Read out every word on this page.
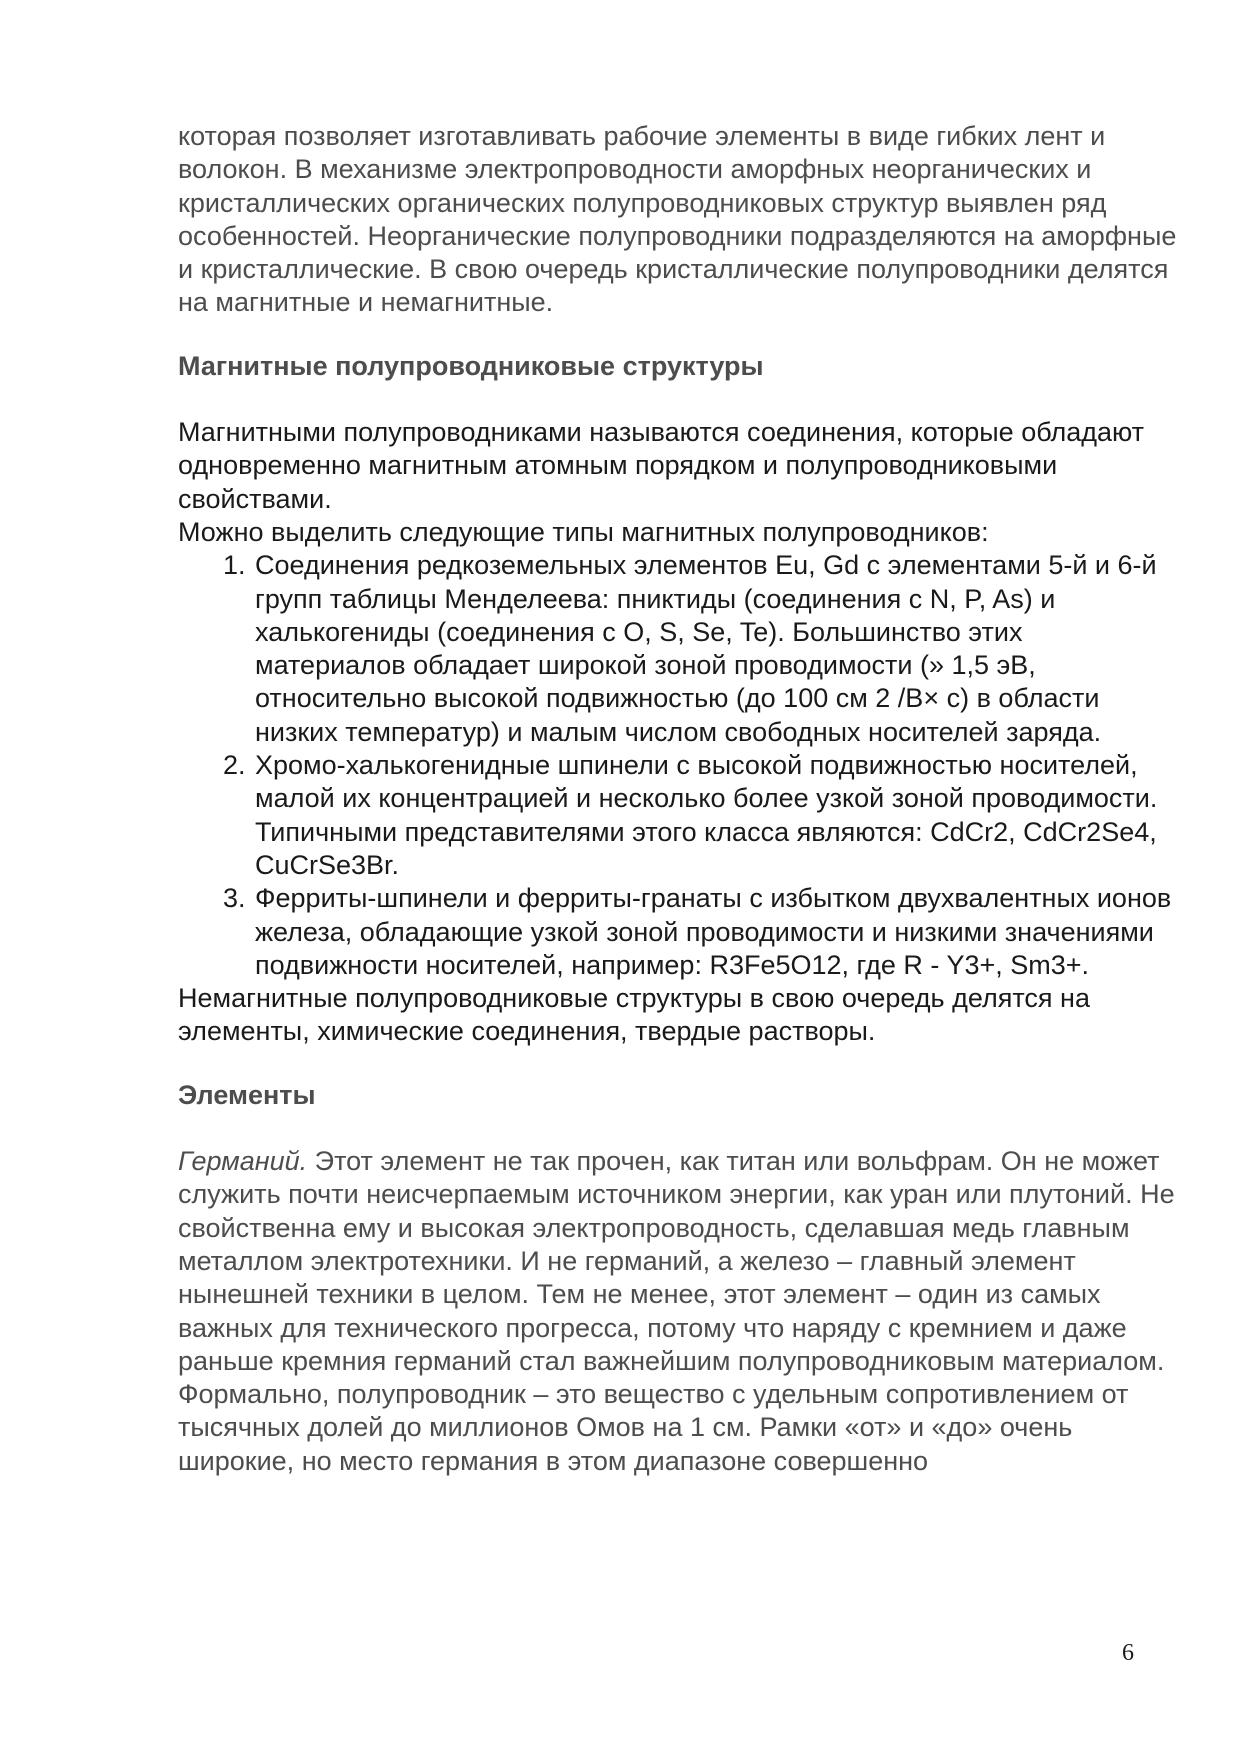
которая позволяет изготавливать рабочие элементы в виде гибких лент и волокон. В механизме электропроводности аморфных неорганических и кристаллических органических полупроводниковых структур выявлен ряд особенностей. Неорганические полупроводники подразделяются на аморфные и кристаллические. В свою очередь кристаллические полупроводники делятся на магнитные и немагнитные.

Магнитные полупроводниковые структуры

Магнитными полупроводниками называются соединения, которые обладают одновременно магнитным атомным порядком и полупроводниковыми свойствами.

Можно выделить следующие типы магнитных полупроводников:

1. Соединения редкоземельных элементов Eu, Gd с элементами 5-й и 6-й групп таблицы Менделеева: пниктиды (соединения с N, P, As) и халькогениды (соединения с O, S, Se, Te). Большинство этих материалов обладает широкой зоной проводимости (» 1,5 эВ, относительно высокой подвижностью (до 100 см 2 /В× с) в области низких температур) и малым числом свободных носителей заряда.
2. Хромо-халькогенидные шпинели с высокой подвижностью носителей, малой их концентрацией и несколько более узкой зоной проводимости. Типичными представителями этого класса являются: CdCr2, CdCr2Se4, CuCrSe3Br.
3. Ферриты-шпинели и ферриты-гранаты с избытком двухвалентных ионов железа, обладающие узкой зоной проводимости и низкими значениями подвижности носителей, например: R3Fe5O12, где R - Y3+, Sm3+.

Немагнитные полупроводниковые структуры в свою очередь делятся на элементы, химические соединения, твердые растворы.

Элементы

Германий. Этот элемент не так прочен, как титан или вольфрам. Он не может служить почти неисчерпаемым источником энергии, как уран или плутоний. Не свойственна ему и высокая электропроводность, сделавшая медь главным металлом электротехники. И не германий, а железо – главный элемент нынешней техники в целом. Тем не менее, этот элемент – один из самых важных для технического прогресса, потому что наряду с кремнием и даже раньше кремния германий стал важнейшим полупроводниковым материалом. Формально, полупроводник – это вещество с удельным сопротивлением от тысячных долей до миллионов Омов на 1 см. Рамки «от» и «до» очень широкие, но место германия в этом диапазоне совершенно

6
